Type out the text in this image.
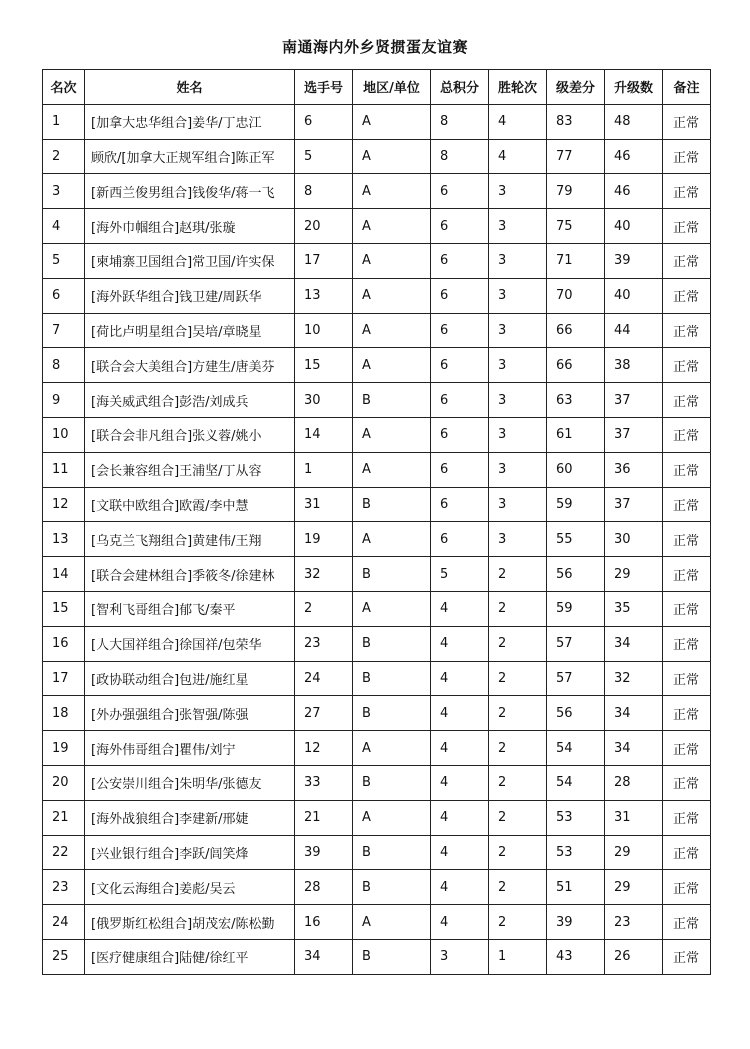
南通海内外乡贤掼蛋友谊赛
名次	姓名	选手号	地区/单位	总积分	胜轮次	级差分	升级数	备注
1	[加拿大忠华组合]姜华/丁忠江	6	A	8	4	83	48	正常
2	顾欣/[加拿大正规军组合]陈正军	5	A	8	4	77	46	正常
3	[新西兰俊男组合]钱俊华/蒋一飞	8	A	6	3	79	46	正常
4	[海外巾帼组合]赵琪/张璇	20	A	6	3	75	40	正常
5	[柬埔寨卫国组合]常卫国/许实保	17	A	6	3	71	39	正常
6	[海外跃华组合]钱卫建/周跃华	13	A	6	3	70	40	正常
7	[荷比卢明星组合]吴培/章晓星	10	A	6	3	66	44	正常
8	[联合会大美组合]方建生/唐美芬	15	A	6	3	66	38	正常
9	[海关威武组合]彭浩/刘成兵	30	B	6	3	63	37	正常
10	[联合会非凡组合]张义蓉/姚小	14	A	6	3	61	37	正常
11	[会长兼容组合]王浦坚/丁从容	1	A	6	3	60	36	正常
12	[文联中欧组合]欧霞/李中慧	31	B	6	3	59	37	正常
13	[乌克兰飞翔组合]黄建伟/王翔	19	A	6	3	55	30	正常
14	[联合会建林组合]季筱冬/徐建林	32	B	5	2	56	29	正常
15	[智利飞哥组合]郁飞/秦平	2	A	4	2	59	35	正常
16	[人大国祥组合]徐国祥/包荣华	23	B	4	2	57	34	正常
17	[政协联动组合]包进/施红星	24	B	4	2	57	32	正常
18	[外办强强组合]张智强/陈强	27	B	4	2	56	34	正常
19	[海外伟哥组合]瞿伟/刘宁	12	A	4	2	54	34	正常
20	[公安崇川组合]朱明华/张德友	33	B	4	2	54	28	正常
21	[海外战狼组合]李建新/邢婕	21	A	4	2	53	31	正常
22	[兴业银行组合]李跃/闾笑烽	39	B	4	2	53	29	正常
23	[文化云海组合]姜彪/吴云	28	B	4	2	51	29	正常
24	[俄罗斯红松组合]胡茂宏/陈松勤	16	A	4	2	39	23	正常
25	[医疗健康组合]陆健/徐红平	34	B	3	1	43	26	正常
